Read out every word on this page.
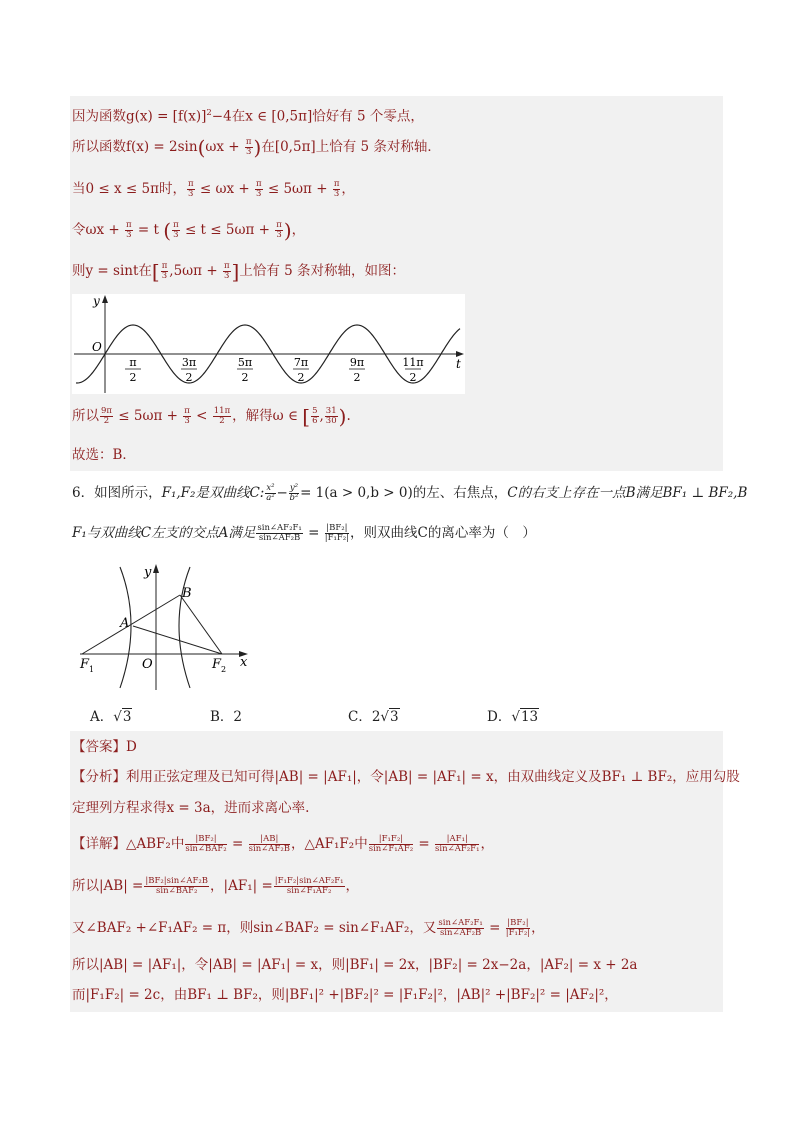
因为函数$g(x) = [f(x)]^2-4$在x ∈ [0,5π]恰好有 5 个零点，
所以函数$f(x) = 2\sin(\omega x + \frac{\pi}{3}$ )在[0,5π]上恰有 5 条对称轴．
当0 ≤ x ≤ 5π时， $\frac{\pi}{3} \le \omega x + \frac{\pi}{3} \le 5\omega\pi + \frac{\pi}{3}$ ，
令$\omega x + \frac{\pi}{3} = t$ ( $\frac{\pi}{3} \le t \le 5\omega\pi + \frac{\pi}{3}$ )，
则y = sint在[ $\frac{\pi}{3} ,5\omega\pi + \frac{\pi}{3}$ ]上恰有 5 条对称轴，如图：
y
t
O
π
2
3π
2
5π
2
7π
2
9π
2
11π
2
所以 $\frac{9\pi}{2} \le 5\omega\pi + \frac{\pi}{3} < \frac{11\pi}{2}$ ，解得ω ∈ [ $\frac{5}{6}$ , $\frac{31}{30}$ ).
故选：B．
6．如图所示，F₁,F₂是双曲线C: $\frac{\text{x²}}{\text{a²}} - \frac{\text{y²}}{\text{b²}} = 1(a > 0,b > 0)$的左、右焦点，C的右支上存在一点B满足BF₁ ⊥ BF₂,B
F₁与双曲线C左支的交点A满足 $\frac{\text{sin∠AF₂F₁}}{\text{sin∠AF₂B}} = \frac{\text{|BF₂|}}{\text{|F₁F₂|}}$ ，则双曲线C的离心率为（　）
y
x
O
A
B
F 1	F 2
A．√3	B．2	C．2√3	D．√13
【答案】D
【分析】利用正弦定理及已知可得|AB| = |AF₁|，令|AB| = |AF₁| = x，由双曲线定义及BF₁ ⊥ BF₂，应用勾股
定理列方程求得x = 3a，进而求离心率.
【详解】△ABF₂中 $\frac{\text{|BF₂|}}{\text{sin∠BAF₂}} = \frac{|AB|}{\text{sin∠AF₂B}}$ ，△AF₁F₂中 $\frac{\text{|F₁F₂|}}{\text{sin∠F₁AF₂}} = \frac{\text{|AF₁|}}{\text{sin∠AF₂F₁}}$ ，
所以$|AB| = \frac{\text{|BF₂|sin∠AF₂B}}{\text{sin∠BAF₂}}$ ，$|AF_1| = \frac{\text{|F₁F₂|sin∠AF₂F₁}}{\text{sin∠F₁AF₂}}$ ，
又∠BAF₂ +∠F₁AF₂ = π，则sin∠BAF₂ = sin∠F₁AF₂，又 $\frac{\text{sin∠AF₂F₁}}{\text{sin∠AF₂B}} = \frac{\text{|BF₂|}}{\text{|F₁F₂|}}$ ，
所以|AB| = |AF₁|，令|AB| = |AF₁| = x，则|BF₁| = 2x，|BF₂| = 2x−2a，|AF₂| = x + 2a
而|F₁F₂| = 2c，由BF₁ ⊥ BF₂，则|BF₁|² +|BF₂|² = |F₁F₂|²，|AB|² +|BF₂|² = |AF₂|²，
